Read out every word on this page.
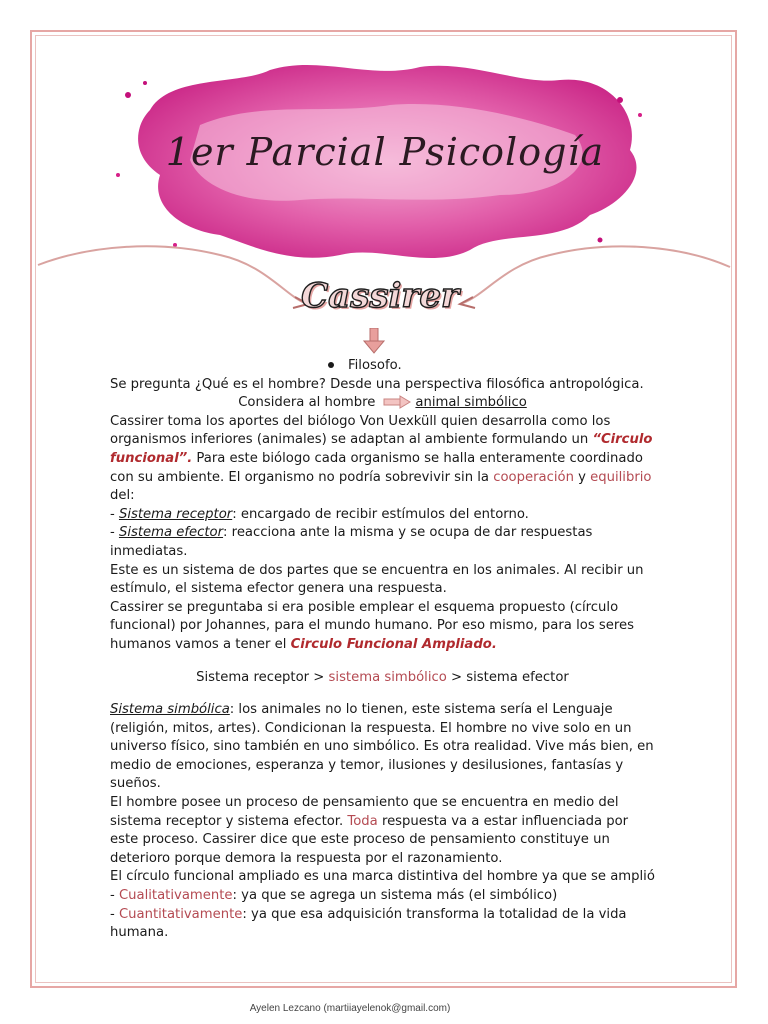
1er Parcial Psicología
Cassirer

Filosofo.

Se pregunta ¿Qué es el hombre? Desde una perspectiva filosófica antropológica.

Considera al hombre	animal simbólico

Cassirer toma los aportes del biólogo Von Uexküll quien desarrolla como los organismos inferiores (animales) se adaptan al ambiente formulando un “Circulo funcional”. Para este biólogo cada organismo se halla enteramente coordinado con su ambiente. El organismo no podría sobrevivir sin la cooperación y equilibrio del:

- Sistema receptor: encargado de recibir estímulos del entorno.

- Sistema efector: reacciona ante la misma y se ocupa de dar respuestas inmediatas.

Este es un sistema de dos partes que se encuentra en los animales. Al recibir un estímulo, el sistema efector genera una respuesta.

Cassirer se preguntaba si era posible emplear el esquema propuesto (círculo funcional) por Johannes, para el mundo humano. Por eso mismo, para los seres humanos vamos a tener el Circulo Funcional Ampliado.

Sistema receptor > sistema simbólico > sistema efector

Sistema simbólica: los animales no lo tienen, este sistema sería el Lenguaje (religión, mitos, artes). Condicionan la respuesta. El hombre no vive solo en un universo físico, sino también en uno simbólico. Es otra realidad. Vive más bien, en medio de emociones, esperanza y temor, ilusiones y desilusiones, fantasías y sueños.

El hombre posee un proceso de pensamiento que se encuentra en medio del sistema receptor y sistema efector. Toda respuesta va a estar influenciada por este proceso. Cassirer dice que este proceso de pensamiento constituye un deterioro porque demora la respuesta por el razonamiento.

El círculo funcional ampliado es una marca distintiva del hombre ya que se amplió

- Cualitativamente: ya que se agrega un sistema más (el simbólico)

- Cuantitativamente: ya que esa adquisición transforma la totalidad de la vida humana.

Ayelen Lezcano (martiiayelenok@gmail.com)
